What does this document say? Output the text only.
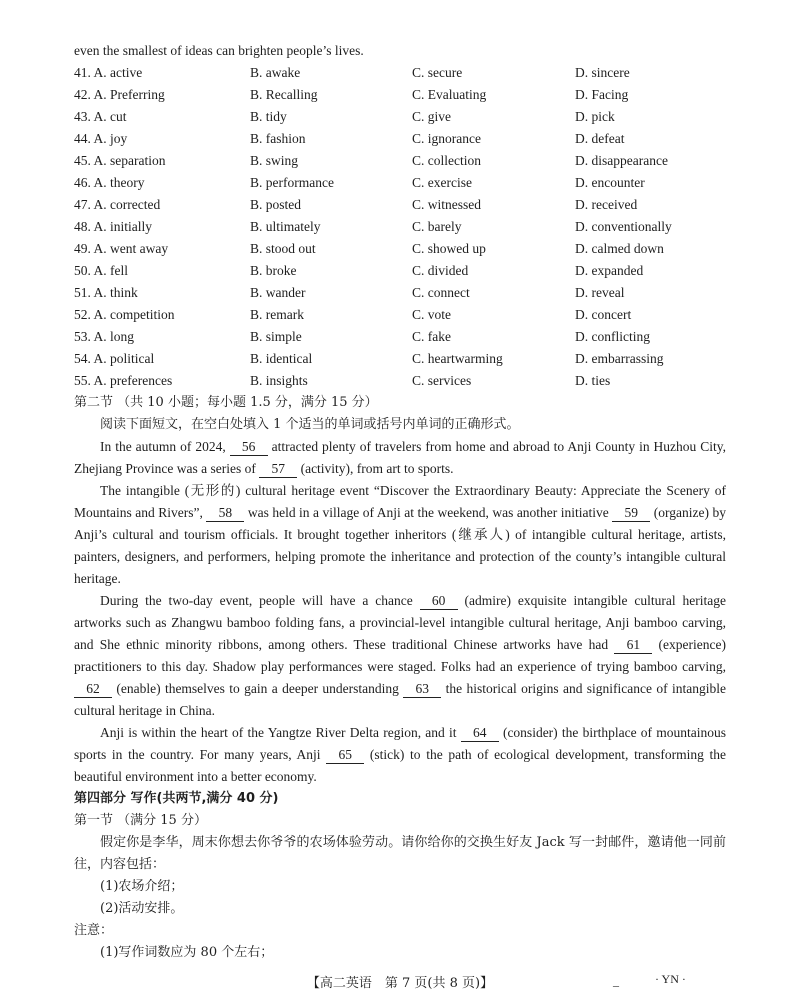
even the smallest of ideas can brighten people’s lives.
41. A. active	B. awake	C. secure	D. sincere
42. A. Preferring	B. Recalling	C. Evaluating	D. Facing
43. A. cut	B. tidy	C. give	D. pick
44. A. joy	B. fashion	C. ignorance	D. defeat
45. A. separation	B. swing	C. collection	D. disappearance
46. A. theory	B. performance	C. exercise	D. encounter
47. A. corrected	B. posted	C. witnessed	D. received
48. A. initially	B. ultimately	C. barely	D. conventionally
49. A. went away	B. stood out	C. showed up	D. calmed down
50. A. fell	B. broke	C. divided	D. expanded
51. A. think	B. wander	C. connect	D. reveal
52. A. competition	B. remark	C. vote	D. concert
53. A. long	B. simple	C. fake	D. conflicting
54. A. political	B. identical	C. heartwarming	D. embarrassing
55. A. preferences	B. insights	C. services	D. ties
第二节 （共 10 小题；每小题 1.5 分，满分 15 分）

阅读下面短文，在空白处填入 1 个适当的单词或括号内单词的正确形式。

In the autumn of 2024, 56 attracted plenty of travelers from home and abroad to Anji County in Huzhou City, Zhejiang Province was a series of 57 (activity), from art to sports.

The intangible (无形的) cultural heritage event “Discover the Extraordinary Beauty: Appreciate the Scenery of Mountains and Rivers”, 58 was held in a village of Anji at the weekend, was another initiative 59 (organize) by Anji’s cultural and tourism officials. It brought together inheritors (继承人) of intangible cultural heritage, artists, painters, designers, and performers, helping promote the inheritance and protection of the county’s intangible cultural heritage.

During the two-day event, people will have a chance 60 (admire) exquisite intangible cultural heritage artworks such as Zhangwu bamboo folding fans, a provincial-level intangible cultural heritage, Anji bamboo carving, and She ethnic minority ribbons, among others. These traditional Chinese artworks have had 61 (experience) practitioners to this day. Shadow play performances were staged. Folks had an experience of trying bamboo carving, 62 (enable) themselves to gain a deeper understanding 63 the historical origins and significance of intangible cultural heritage in China.

Anji is within the heart of the Yangtze River Delta region, and it 64 (consider) the birthplace of mountainous sports in the country. For many years, Anji 65 (stick) to the path of ecological development, transforming the beautiful environment into a better economy.

第四部分 写作(共两节,满分 40 分)
第一节 （满分 15 分）

假定你是李华，周末你想去你爷爷的农场体验劳动。请你给你的交换生好友 Jack 写一封邮件，邀请他一同前往，内容包括：

(1)农场介绍；
(2)活动安排。
注意：
(1)写作词数应为 80 个左右；
【高二英语　第 7 页(共 8 页)】	_	· YN ·
